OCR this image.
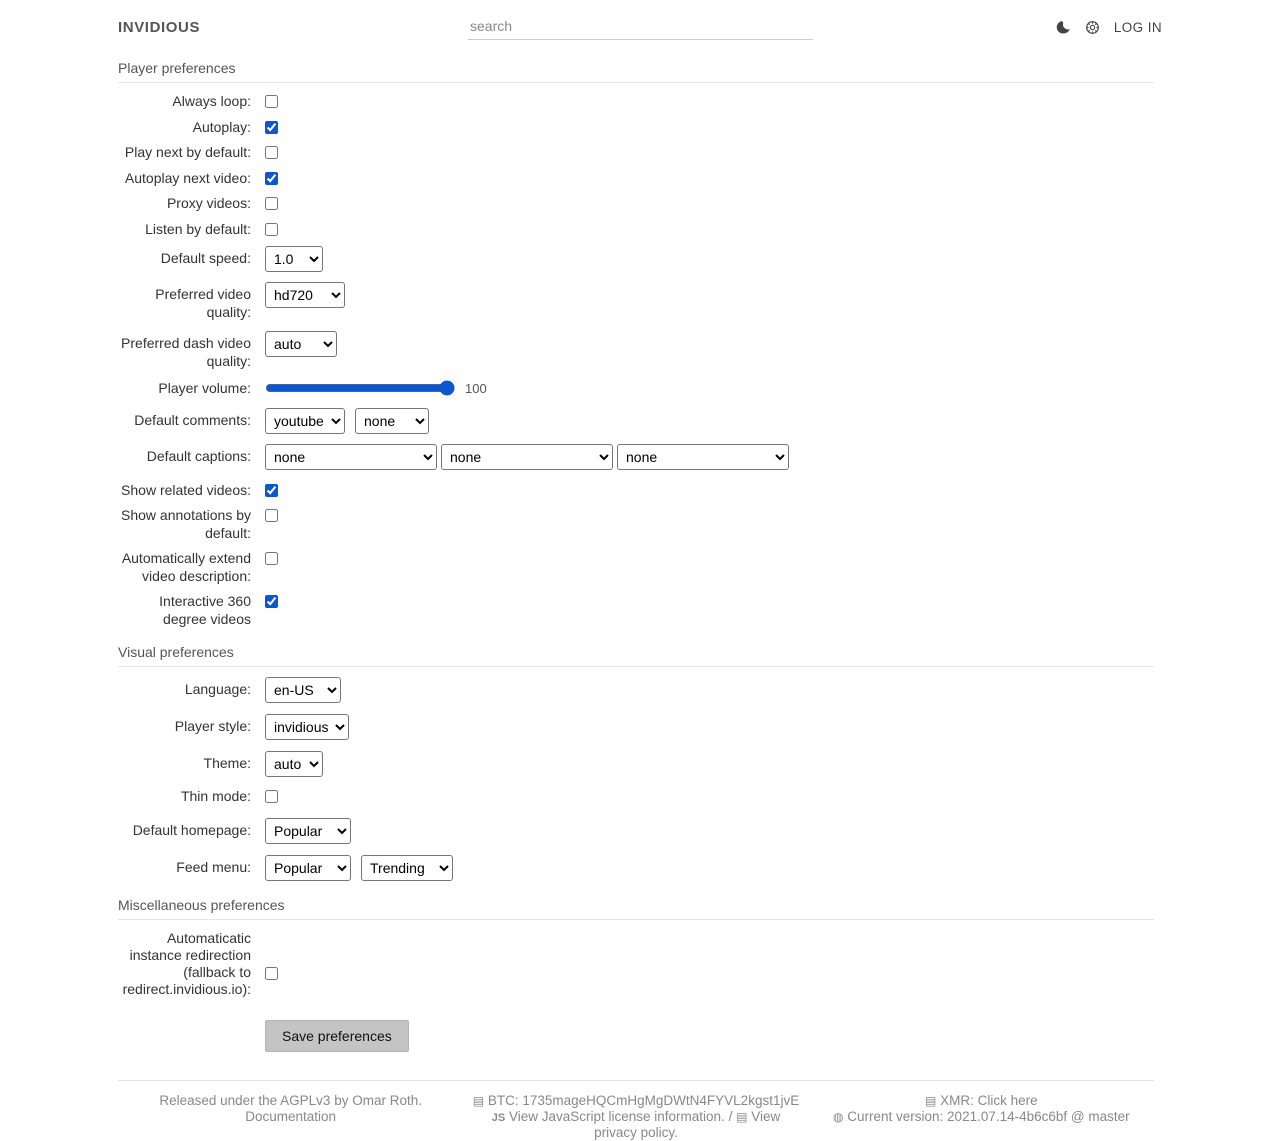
INVIDIOUS
search	LOG IN
Player preferences
Always loop:
Autoplay:
Play next by default:
Autoplay next video:
Proxy videos:
Listen by default:
Default speed:
1.0
Preferred video quality:
hd720
Preferred dash video quality:
auto
Player volume:	100
Default comments:
youtube
none
Default captions:
none
none
none
Show related videos:
Show annotations by default:
Automatically extend video description:
Interactive 360 degree videos
Visual preferences
Language:
en-US
Player style:
invidious
Theme:
auto
Thin mode:
Default homepage:
Popular
Feed menu:
Popular
Trending
Miscellaneous preferences
Automaticatic instance redirection (fallback to redirect.invidious.io):
Save preferences
Released under the AGPLv3 by Omar Roth.
Documentation
▤ BTC: 1735mageHQCmHgMgDWtN4FYVL2kgst1jvE
JS View JavaScript license information. / ▤ View privacy policy.
▤ XMR: Click here
◍ Current version: 2021.07.14-4b6c6bf @ master
